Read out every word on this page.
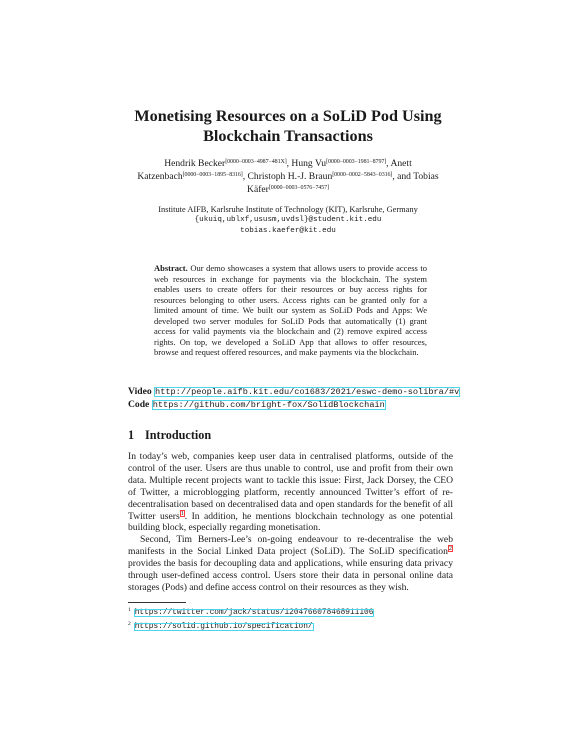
Monetising Resources on a SoLiD Pod Using
Blockchain Transactions
Hendrik Becker[0000−0003−4987−481X], Hung Vu[0000−0003−1981−8797], Anett Katzenbach[0000−0003−1895−8316], Christoph H.-J. Braun[0000−0002−5843−0316], and Tobias Käfer[0000−0003−0576−7457]
Institute AIFB, Karlsruhe Institute of Technology (KIT), Karlsruhe, Germany
{ukuiq,ublxf,ususm,uvdsl}@student.kit.edu
tobias.kaefer@kit.edu
Abstract. Our demo showcases a system that allows users to provide access to web resources in exchange for payments via the blockchain. The system enables users to create offers for their resources or buy access rights for resources belonging to other users. Access rights can be granted only for a limited amount of time. We built our system as SoLiD Pods and Apps: We developed two server modules for SoLiD Pods that automatically (1) grant access for valid payments via the blockchain and (2) remove expired access rights. On top, we developed a SoLiD App that allows to offer resources, browse and request offered resources, and make payments via the blockchain.
Video http://people.aifb.kit.edu/co1683/2021/eswc-demo-solibra/#v
Code https://github.com/bright-fox/SolidBlockchain
1 Introduction

In today’s web, companies keep user data in centralised platforms, outside of the control of the user. Users are thus unable to control, use and profit from their own data. Multiple recent projects want to tackle this issue: First, Jack Dorsey, the CEO of Twitter, a microblogging platform, recently announced Twitter’s effort of re-decentralisation based on decentralised data and open standards for the benefit of all Twitter users$^1$. In addition, he mentions blockchain technology as one potential building block, especially regarding monetisation.

Second, Tim Berners-Lee’s on-going endeavour to re-decentralise the web manifests in the Social Linked Data project (SoLiD). The SoLiD specification$^2$ provides the basis for decoupling data and applications, while ensuring data privacy through user-defined access control. Users store their data in personal online data storages (Pods) and define access control on their resources as they wish.

$^1$ https://twitter.com/jack/status/1204766078468911106
$^2$ https://solid.github.io/specification/
